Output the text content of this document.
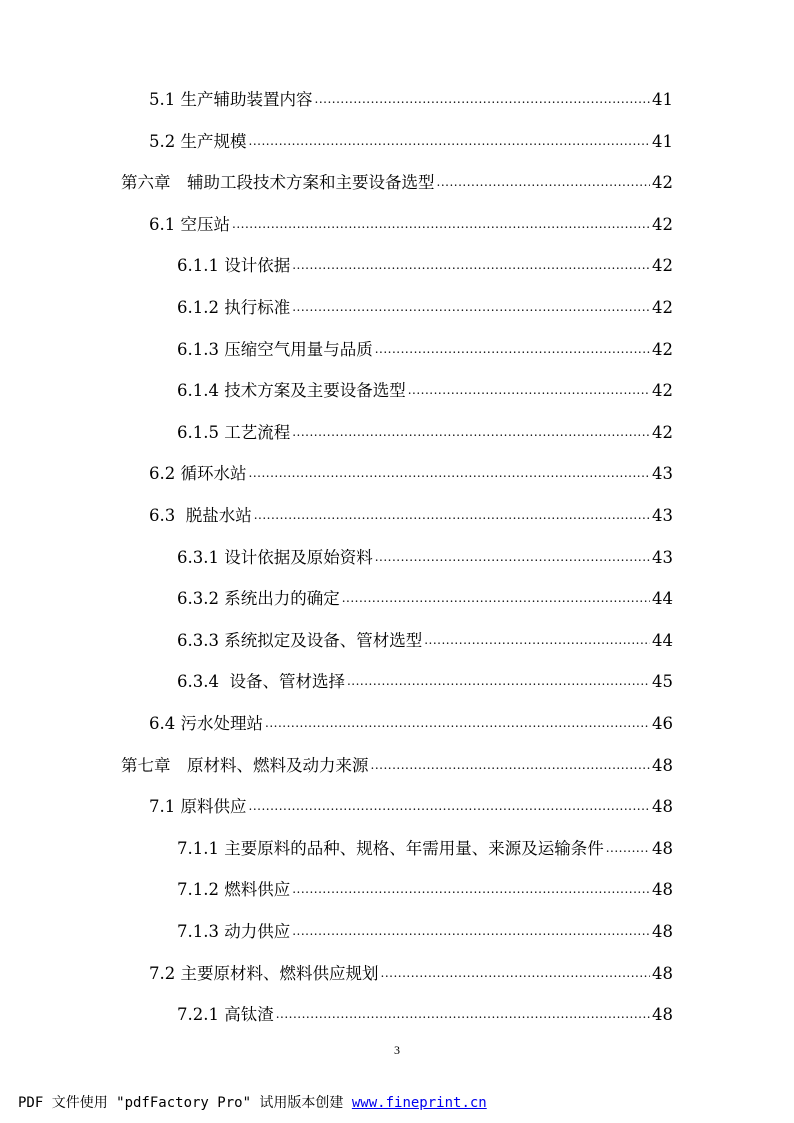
5.1 生产辅助装置内容 .....	41
5.2 生产规模 .....	41
第六章　辅助工段技术方案和主要设备选型 .....	42
6.1 空压站 .....	42
6.1.1 设计依据 .....	42
6.1.2 执行标准 .....	42
6.1.3 压缩空气用量与品质 .....	42
6.1.4 技术方案及主要设备选型 .....	42
6.1.5 工艺流程 .....	42
6.2 循环水站 .....	43
6.3  脱盐水站 .....	43
6.3.1 设计依据及原始资料 .....	43
6.3.2 系统出力的确定 .....	44
6.3.3 系统拟定及设备、管材选型 .....	44
6.3.4  设备、管材选择 .....	45
6.4 污水处理站 .....	46
第七章　原材料、燃料及动力来源 .....	48
7.1 原料供应 .....	48
7.1.1 主要原料的品种、规格、年需用量、来源及运输条件 .....	48
7.1.2 燃料供应 .....	48
7.1.3 动力供应 .....	48
7.2 主要原材料、燃料供应规划 .....	48
7.2.1 高钛渣 .....	48
3
PDF 文件使用 "pdfFactory Pro" 试用版本创建 www.fineprint.cn
